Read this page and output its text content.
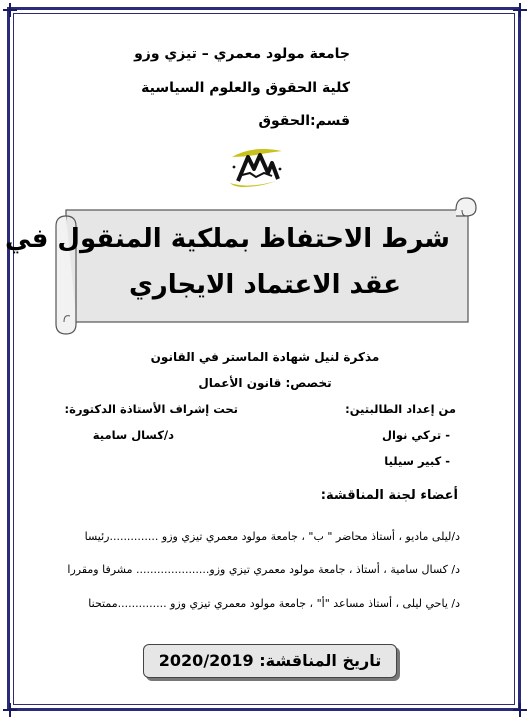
جامعة مولود معمري – تيزي وزو
كلية الحقوق والعلوم السياسية
قسم:الحقوق
شرط الاحتفاظ بملكية المنقول في
عقد الاعتماد الايجاري
مذكرة لنيل شهادة الماستر في القانون
تخصص: قانون الأعمال
من إعداد الطالبتين:
- تركي نوال
- كبير سيليا
تحت إشراف الأستاذة الدكتورة:
د/كسال سامية
أعضاء لجنة المناقشة:
د/ليلى ماديو ، أستاذ محاضر " ب" ، جامعة مولود معمري تيزي وزو ..............رئيسا
د/ كسال سامية ، أستاذ ، جامعة مولود معمري تيزي وزو..................... مشرفا ومقررا
د/ ياحي ليلى ، أستاذ مساعد "أ" ، جامعة مولود معمري تيزي وزو ..............ممتحنا
تاريخ المناقشة: 2020/2019
